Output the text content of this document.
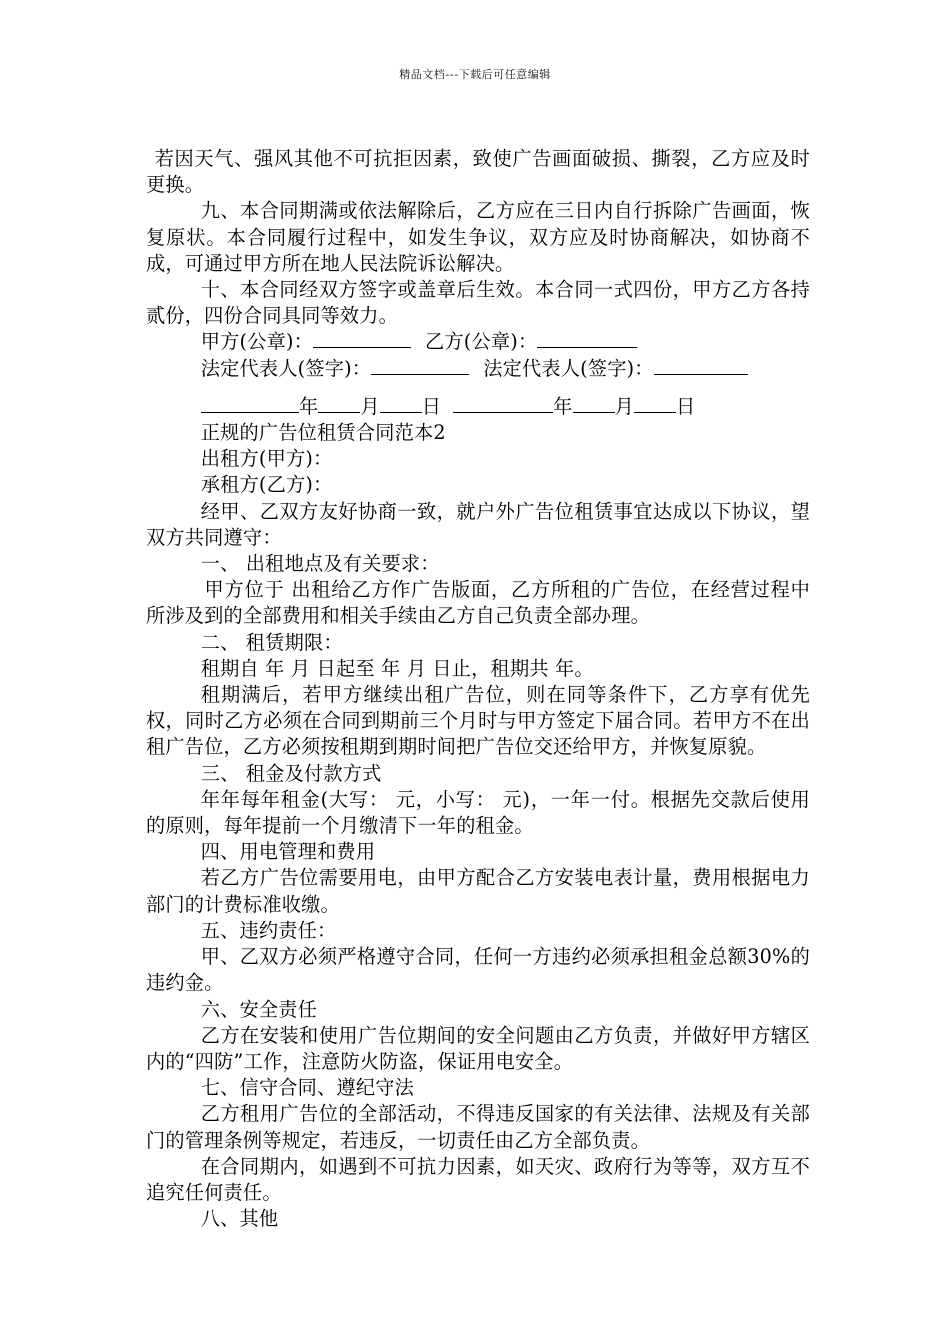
精品文档---下载后可任意编辑

若因天气、强风其他不可抗拒因素，致使广告画面破损、撕裂，乙方应及时更换。

九、本合同期满或依法解除后，乙方应在三日内自行拆除广告画面，恢复原状。本合同履行过程中，如发生争议，双方应及时协商解决，如协商不成，可通过甲方所在地人民法院诉讼解决。

十、本合同经双方签字或盖章后生效。本合同一式四份，甲方乙方各持贰份，四份合同具同等效力。

甲方(公章)：	乙方(公章)：

法定代表人(签字)：	法定代表人(签字)：

年 月 日	年 月 日

正规的广告位租赁合同范本2

出租方(甲方)：

承租方(乙方)：

经甲、乙双方友好协商一致，就户外广告位租赁事宜达成以下协议，望双方共同遵守：

一、 出租地点及有关要求：

甲方位于 出租给乙方作广告版面，乙方所租的广告位，在经营过程中所涉及到的全部费用和相关手续由乙方自己负责全部办理。

二、 租赁期限：

租期自 年 月 日起至 年 月 日止，租期共 年。

租期满后，若甲方继续出租广告位，则在同等条件下，乙方享有优先权，同时乙方必须在合同到期前三个月时与甲方签定下届合同。若甲方不在出租广告位，乙方必须按租期到期时间把广告位交还给甲方，并恢复原貌。

三、 租金及付款方式

年年每年租金(大写： 元，小写： 元)，一年一付。根据先交款后使用的原则，每年提前一个月缴清下一年的租金。

四、用电管理和费用

若乙方广告位需要用电，由甲方配合乙方安装电表计量，费用根据电力部门的计费标准收缴。

五、违约责任：

甲、乙双方必须严格遵守合同，任何一方违约必须承担租金总额30%的违约金。

六、安全责任

乙方在安装和使用广告位期间的安全问题由乙方负责，并做好甲方辖区内的“四防”工作，注意防火防盗，保证用电安全。

七、信守合同、遵纪守法

乙方租用广告位的全部活动，不得违反国家的有关法律、法规及有关部门的管理条例等规定，若违反，一切责任由乙方全部负责。

在合同期内，如遇到不可抗力因素，如天灾、政府行为等等，双方互不追究任何责任。

八、其他
